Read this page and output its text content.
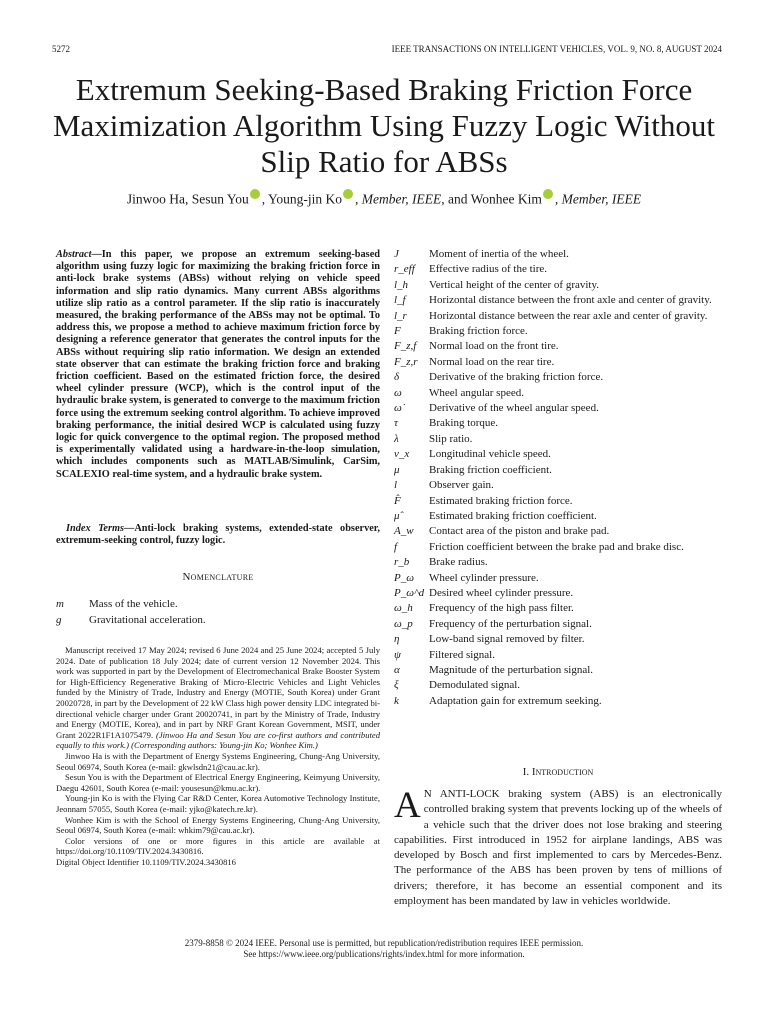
5272	IEEE TRANSACTIONS ON INTELLIGENT VEHICLES, VOL. 9, NO. 8, AUGUST 2024
Extremum Seeking-Based Braking Friction Force Maximization Algorithm Using Fuzzy Logic Without Slip Ratio for ABSs
Jinwoo Ha, Sesun You , Young-jin Ko , Member, IEEE, and Wonhee Kim , Member, IEEE
Abstract—In this paper, we propose an extremum seeking-based algorithm using fuzzy logic for maximizing the braking friction force in anti-lock brake systems (ABSs) without relying on vehicle speed information and slip ratio dynamics. Many current ABSs algorithms utilize slip ratio as a control parameter. If the slip ratio is inaccurately measured, the braking performance of the ABSs may not be optimal. To address this, we propose a method to achieve maximum friction force by designing a reference generator that generates the control inputs for the ABSs without requiring slip ratio information. We design an extended state observer that can estimate the braking friction force and braking friction coefficient. Based on the estimated friction force, the desired wheel cylinder pressure (WCP), which is the control input of the hydraulic brake system, is generated to converge to the maximum friction force using the extremum seeking control algorithm. To achieve improved braking performance, the initial desired WCP is calculated using fuzzy logic for quick convergence to the optimal region. The proposed method is experimentally validated using a hardware-in-the-loop simulation, which includes components such as MATLAB/Simulink, CarSim, SCALEXIO real-time system, and a hydraulic brake system.
Index Terms—Anti-lock braking systems, extended-state observer, extremum-seeking control, fuzzy logic.
Nomenclature
m	Mass of the vehicle.
g	Gravitational acceleration.

Manuscript received 17 May 2024; revised 6 June 2024 and 25 June 2024; accepted 5 July 2024. Date of publication 18 July 2024; date of current version 12 November 2024. This work was supported in part by the Development of Electromechanical Brake Booster System for High-Efficiency Regenerative Braking of Micro-Electric Vehicles and Light Vehicles funded by the Ministry of Trade, Industry and Energy (MOTIE, South Korea) under Grant 20020728, in part by the Development of 22 kW Class high power density LDC integrated bi-directional vehicle charger under Grant 20020741, in part by the Ministry of Trade, Industry and Energy (MOTIE, Korea), and in part by NRF Grant Korean Government, MSIT, under Grant 2022R1F1A1075479. (Jinwoo Ha and Sesun You are co-first authors and contributed equally to this work.) (Corresponding authors: Young-jin Ko; Wonhee Kim.)

Jinwoo Ha is with the Department of Energy Systems Engineering, Chung-Ang University, Seoul 06974, South Korea (e-mail: gkwlsdn21@cau.ac.kr).

Sesun You is with the Department of Electrical Energy Engineering, Keimyung University, Daegu 42601, South Korea (e-mail: yousesun@kmu.ac.kr).

Young-jin Ko is with the Flying Car R&D Center, Korea Automotive Technology Institute, Jeonnam 57055, South Korea (e-mail: yjko@katech.re.kr).

Wonhee Kim is with the School of Energy Systems Engineering, Chung-Ang University, Seoul 06974, South Korea (e-mail: whkim79@cau.ac.kr).

Color versions of one or more figures in this article are available at https://doi.org/10.1109/TIV.2024.3430816.

Digital Object Identifier 10.1109/TIV.2024.3430816

J	Moment of inertia of the wheel.
r_eff	Effective radius of the tire.
l_h	Vertical height of the center of gravity.
l_f	Horizontal distance between the front axle and center of gravity.
l_r	Horizontal distance between the rear axle and center of gravity.
F	Braking friction force.
F_z,f	Normal load on the front tire.
F_z,r	Normal load on the rear tire.
δ	Derivative of the braking friction force.
ω	Wheel angular speed.
ω̇	Derivative of the wheel angular speed.
τ	Braking torque.
λ	Slip ratio.
v_x	Longitudinal vehicle speed.
μ	Braking friction coefficient.
l	Observer gain.
F̂	Estimated braking friction force.
μ̂	Estimated braking friction coefficient.
A_w	Contact area of the piston and brake pad.
f	Friction coefficient between the brake pad and brake disc.
r_b	Brake radius.
P_ω	Wheel cylinder pressure.
P_ω^d Desired wheel cylinder pressure.
ω_h	Frequency of the high pass filter.
ω_p	Frequency of the perturbation signal.
η	Low-band signal removed by filter.
ψ	Filtered signal.
α	Magnitude of the perturbation signal.
ξ	Demodulated signal.
k	Adaptation gain for extremum seeking.
I. Introduction
A N ANTI-LOCK braking system (ABS) is an electronically controlled braking system that prevents locking up of the wheels of a vehicle such that the driver does not lose braking and steering capabilities. First introduced in 1952 for airplane landings, ABS was developed by Bosch and first implemented to cars by Mercedes-Benz. The performance of the ABS has been proven by tens of millions of drivers; therefore, it has become an essential component and its employment has been mandated by law in vehicles worldwide.
2379-8858 © 2024 IEEE. Personal use is permitted, but republication/redistribution requires IEEE permission.
See https://www.ieee.org/publications/rights/index.html for more information.
